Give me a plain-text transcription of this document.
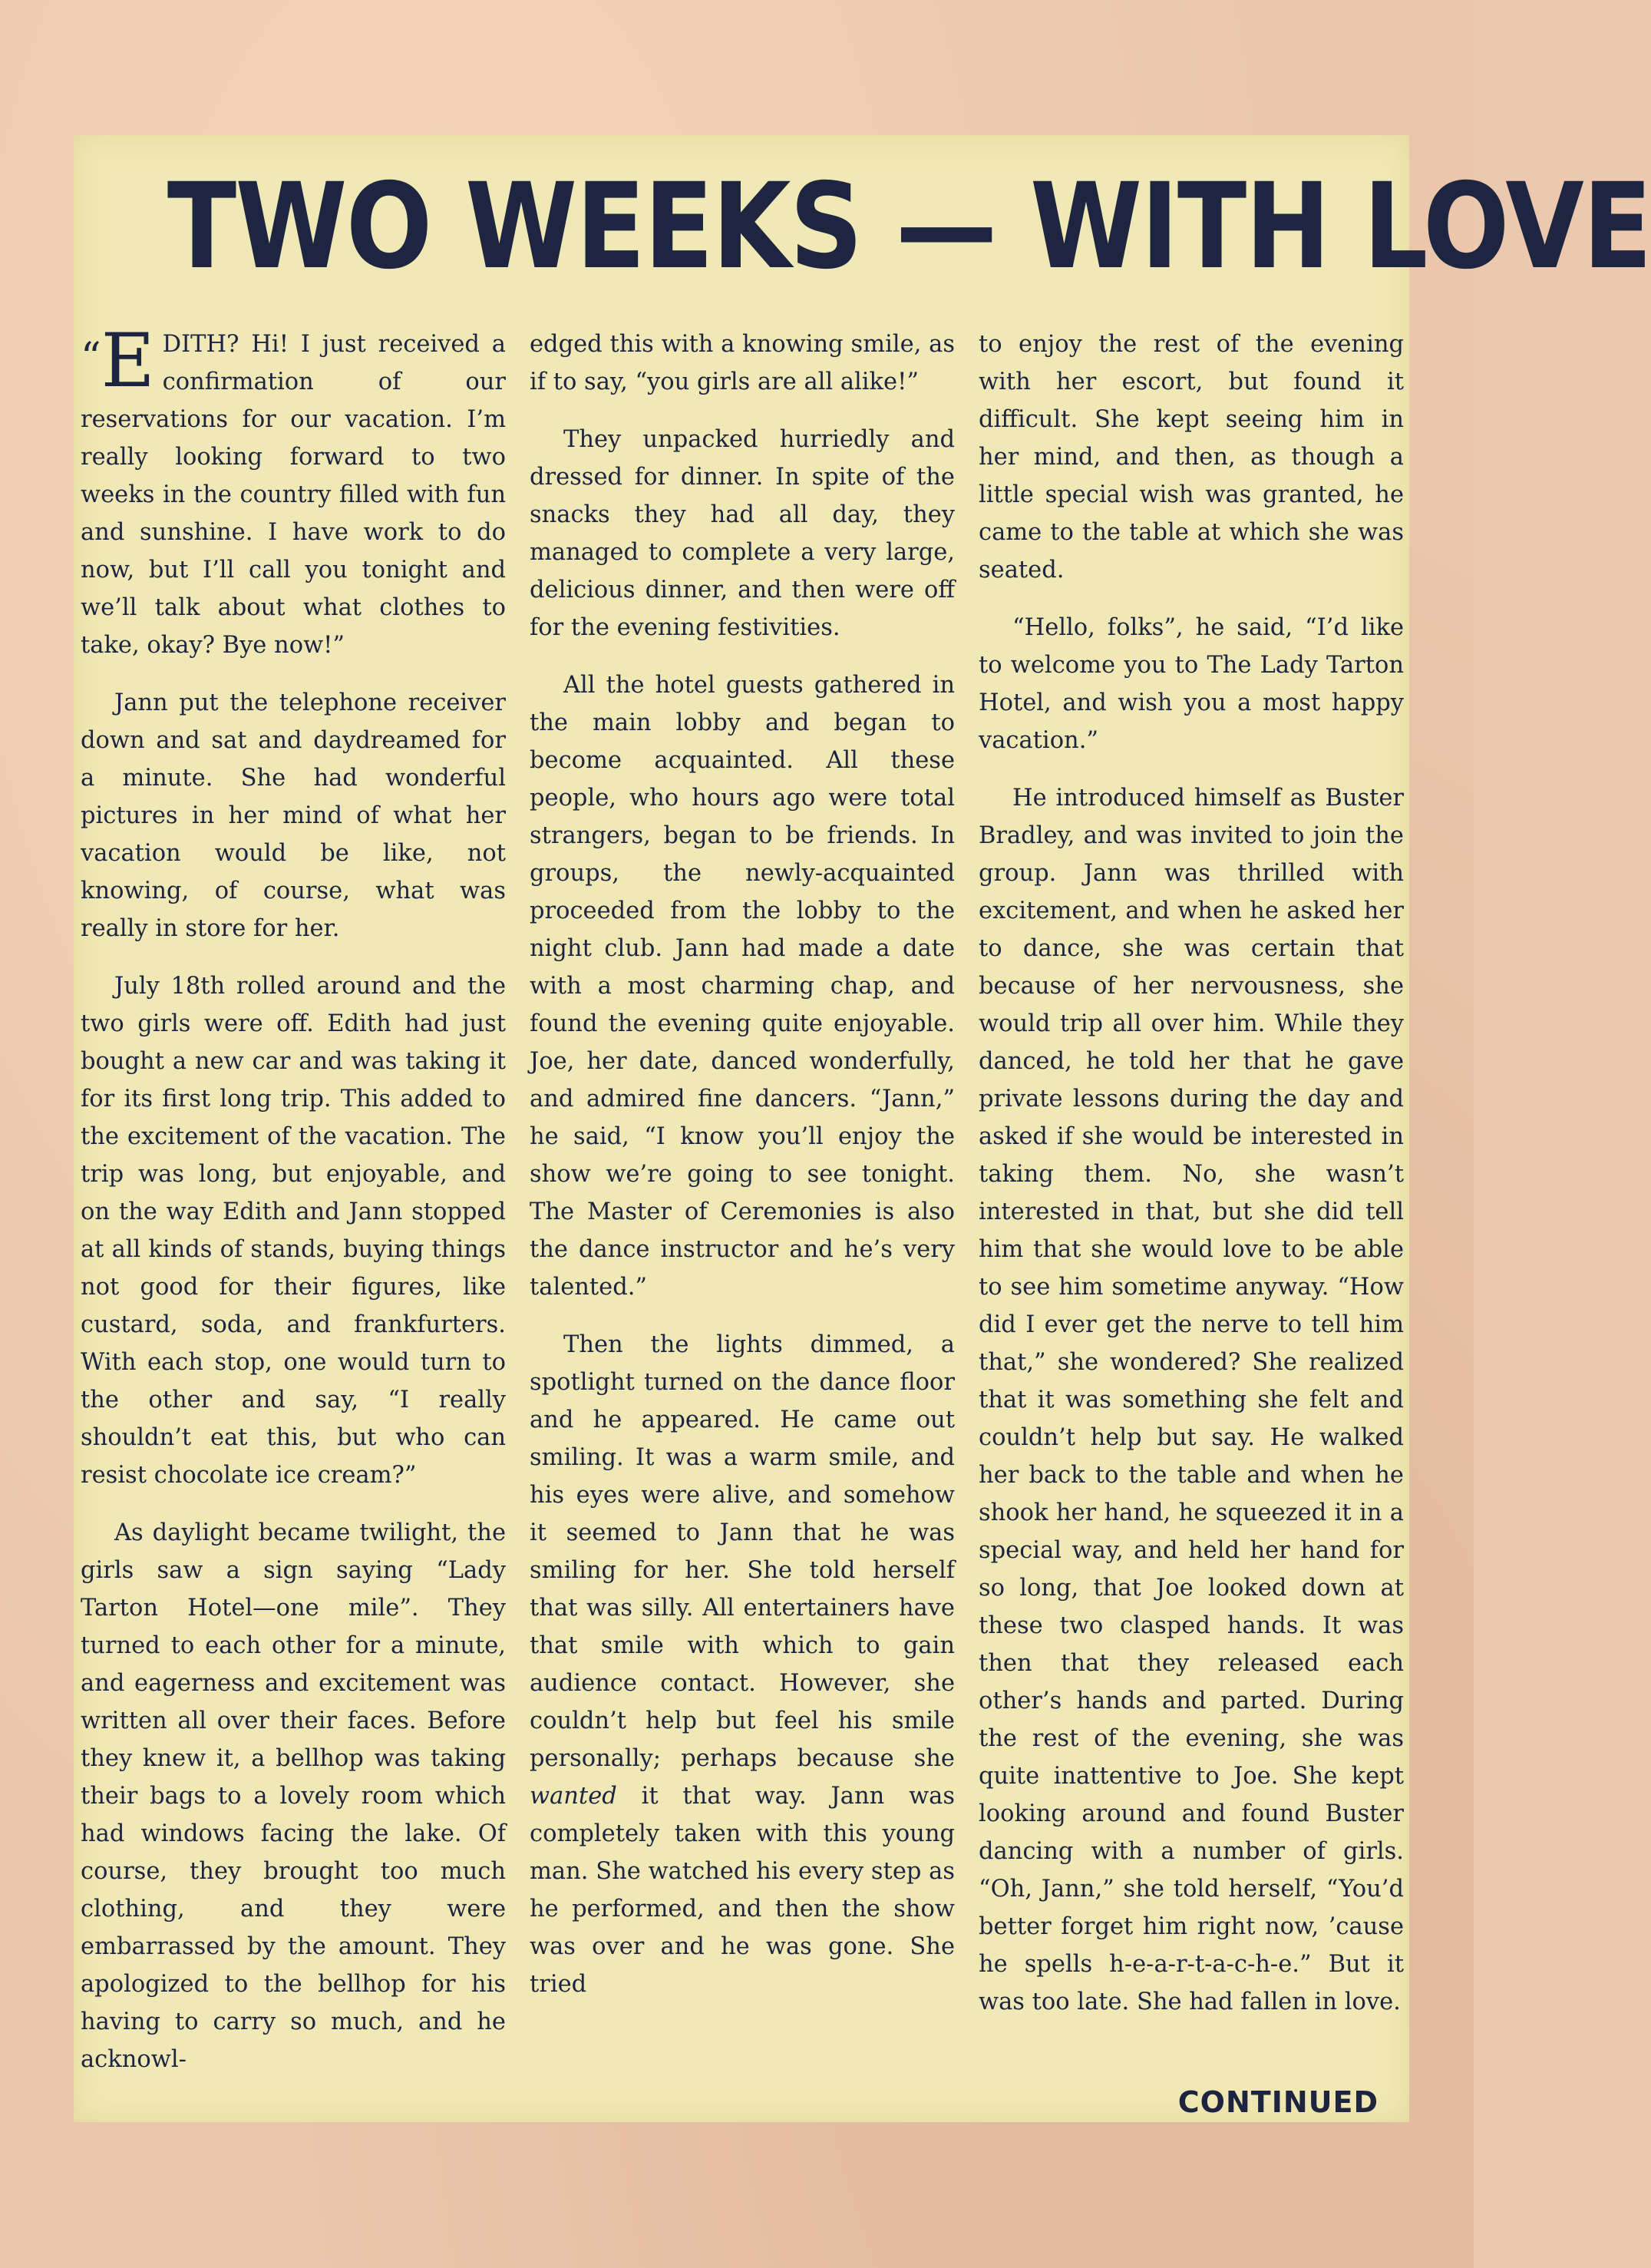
TWO WEEKS — WITH LOVE

“E DITH? Hi! I just received a confirmation of our reservations for our vacation. I’m really looking forward to two weeks in the country filled with fun and sunshine. I have work to do now, but I’ll call you tonight and we’ll talk about what clothes to take, okay? Bye now!”

Jann put the telephone receiver down and sat and daydreamed for a minute. She had wonderful pictures in her mind of what her vacation would be like, not knowing, of course, what was really in store for her.

July 18th rolled around and the two girls were off. Edith had just bought a new car and was taking it for its first long trip. This added to the excitement of the vacation. The trip was long, but enjoyable, and on the way Edith and Jann stopped at all kinds of stands, buying things not good for their figures, like custard, soda, and frankfurters. With each stop, one would turn to the other and say, “I really shouldn’t eat this, but who can resist chocolate ice cream?”

As daylight became twilight, the girls saw a sign saying “Lady Tarton Hotel—one mile”. They turned to each other for a minute, and eagerness and excitement was written all over their faces. Before they knew it, a bellhop was taking their bags to a lovely room which had windows facing the lake. Of course, they brought too much clothing, and they were embarrassed by the amount. They apologized to the bellhop for his having to carry so much, and he acknowl-

edged this with a knowing smile, as if to say, “you girls are all alike!”

They unpacked hurriedly and dressed for dinner. In spite of the snacks they had all day, they managed to complete a very large, delicious dinner, and then were off for the evening festivities.

All the hotel guests gathered in the main lobby and began to become acquainted. All these people, who hours ago were total strangers, began to be friends. In groups, the newly-acquainted proceeded from the lobby to the night club. Jann had made a date with a most charming chap, and found the evening quite enjoyable. Joe, her date, danced wonderfully, and admired fine dancers. “Jann,” he said, “I know you’ll enjoy the show we’re going to see tonight. The Master of Ceremonies is also the dance instructor and he’s very talented.”

Then the lights dimmed, a spotlight turned on the dance floor and he appeared. He came out smiling. It was a warm smile, and his eyes were alive, and somehow it seemed to Jann that he was smiling for her. She told herself that was silly. All entertainers have that smile with which to gain audience contact. However, she couldn’t help but feel his smile personally; perhaps because she wanted it that way. Jann was completely taken with this young man. She watched his every step as he performed, and then the show was over and he was gone. She tried

to enjoy the rest of the evening with her escort, but found it difficult. She kept seeing him in her mind, and then, as though a little special wish was granted, he came to the table at which she was seated.

“Hello, folks”, he said, “I’d like to welcome you to The Lady Tarton Hotel, and wish you a most happy vacation.”

He introduced himself as Buster Bradley, and was invited to join the group. Jann was thrilled with excitement, and when he asked her to dance, she was certain that because of her nervousness, she would trip all over him. While they danced, he told her that he gave private lessons during the day and asked if she would be interested in taking them. No, she wasn’t interested in that, but she did tell him that she would love to be able to see him sometime anyway. “How did I ever get the nerve to tell him that,” she wondered? She realized that it was something she felt and couldn’t help but say. He walked her back to the table and when he shook her hand, he squeezed it in a special way, and held her hand for so long, that Joe looked down at these two clasped hands. It was then that they released each other’s hands and parted. During the rest of the evening, she was quite inattentive to Joe. She kept looking around and found Buster dancing with a number of girls. “Oh, Jann,” she told herself, “You’d better forget him right now, ’cause he spells h-e-a-r-t-a-c-h-e.” But it was too late. She had fallen in love.

CONTINUED
